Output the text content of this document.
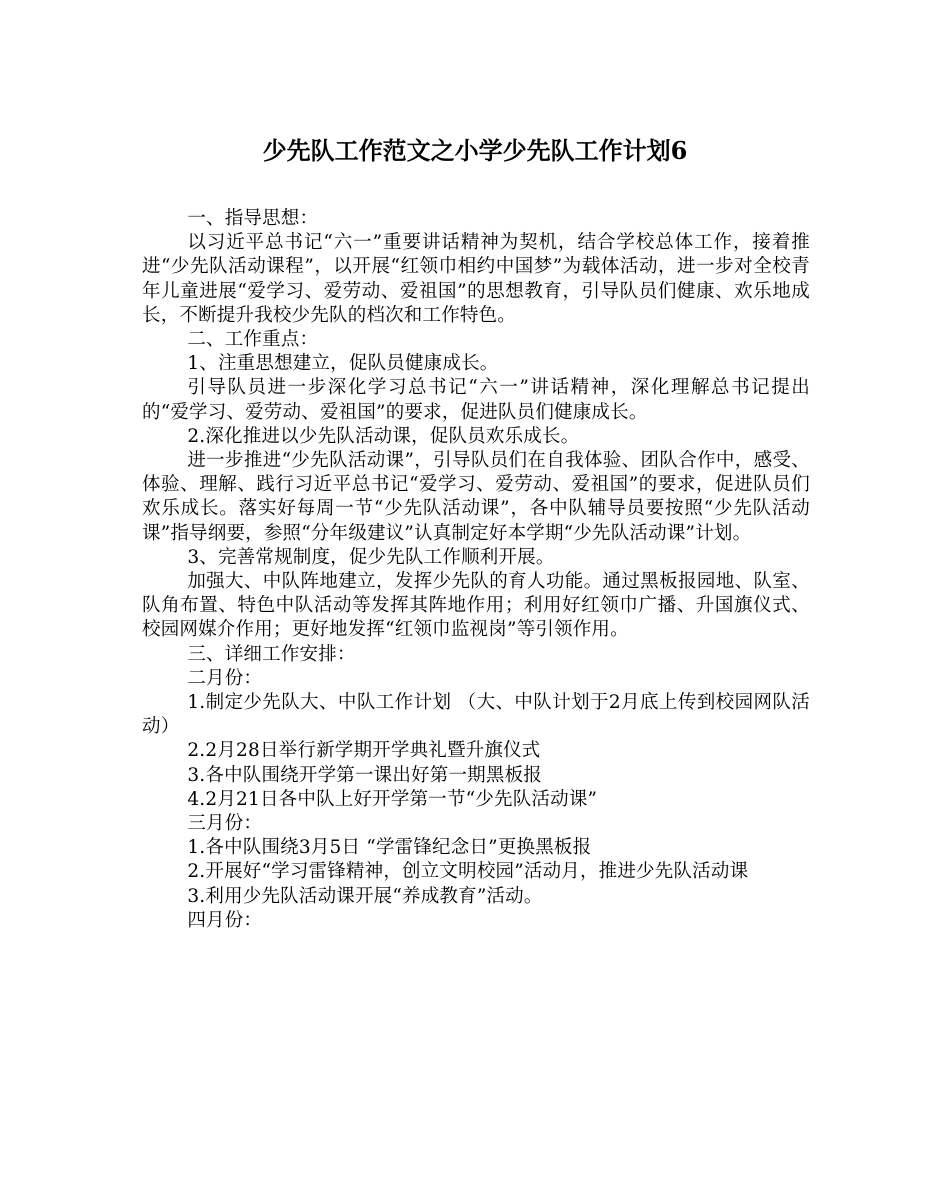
少先队工作范文之小学少先队工作计划6

一、指导思想：

以习近平总书记“六一”重要讲话精神为契机，结合学校总体工作，接着推进“少先队活动课程”，以开展“红领巾相约中国梦”为载体活动，进一步对全校青年儿童进展“爱学习、爱劳动、爱祖国”的思想教育，引导队员们健康、欢乐地成长，不断提升我校少先队的档次和工作特色。

二、工作重点：

1、注重思想建立，促队员健康成长。

引导队员进一步深化学习总书记“六一”讲话精神，深化理解总书记提出的“爱学习、爱劳动、爱祖国”的要求，促进队员们健康成长。

2.深化推进以少先队活动课，促队员欢乐成长。

进一步推进“少先队活动课”，引导队员们在自我体验、团队合作中，感受、体验、理解、践行习近平总书记“爱学习、爱劳动、爱祖国”的要求，促进队员们欢乐成长。落实好每周一节“少先队活动课”，各中队辅导员要按照“少先队活动课”指导纲要，参照“分年级建议”认真制定好本学期“少先队活动课”计划。

3、完善常规制度，促少先队工作顺利开展。

加强大、中队阵地建立，发挥少先队的育人功能。通过黑板报园地、队室、队角布置、特色中队活动等发挥其阵地作用；利用好红领巾广播、升国旗仪式、校园网媒介作用；更好地发挥“红领巾监视岗”等引领作用。

三、详细工作安排：

二月份：

1.制定少先队大、中队工作计划 （大、中队计划于2月底上传到校园网队活动）

2.2月28日举行新学期开学典礼暨升旗仪式

3.各中队围绕开学第一课出好第一期黑板报

4.2月21日各中队上好开学第一节“少先队活动课”

三月份：

1.各中队围绕3月5日 “学雷锋纪念日”更换黑板报

2.开展好“学习雷锋精神，创立文明校园”活动月，推进少先队活动课

3.利用少先队活动课开展“养成教育”活动。

四月份：
